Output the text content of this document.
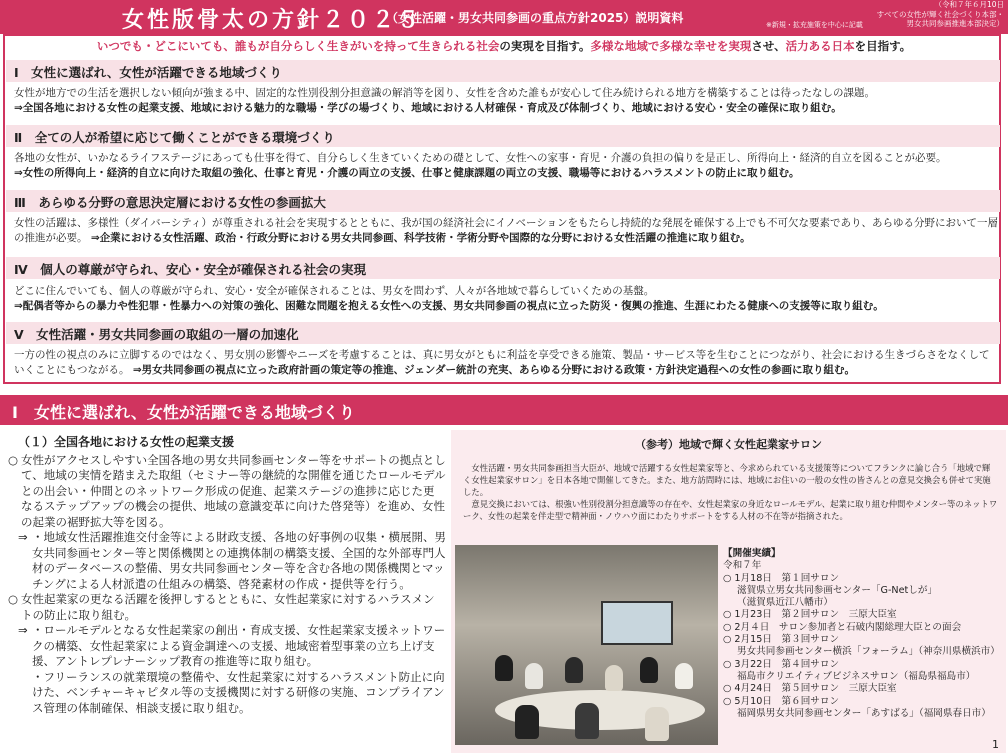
女性版骨太の方針２０２５
（女性活躍・男女共同参画の重点方針2025）説明資料	※新規・拡充施策を中心に記載
（令和７年６月10日
すべての女性が輝く社会づくり本部・
男女共同参画推進本部決定）
いつでも・どこにいても、誰もが自分らしく生きがいを持って生きられる社会の実現を目指す。多様な地域で多様な幸せを実現させ、活力ある日本を目指す。
Ⅰ　女性に選ばれ、女性が活躍できる地域づくり
女性が地方での生活を選択しない傾向が強まる中、固定的な性別役割分担意識の解消等を図り、女性を含めた誰もが安心して住み続けられる地方を構築することは待ったなしの課題。
⇒全国各地における女性の起業支援、地域における魅力的な職場・学びの場づくり、地域における人材確保・育成及び体制づくり、地域における安心・安全の確保に取り組む。
Ⅱ　全ての人が希望に応じて働くことができる環境づくり
各地の女性が、いかなるライフステージにあっても仕事を得て、自分らしく生きていくための礎として、女性への家事・育児・介護の負担の偏りを是正し、所得向上・経済的自立を図ることが必要。
⇒女性の所得向上・経済的自立に向けた取組の強化、仕事と育児・介護の両立の支援、仕事と健康課題の両立の支援、職場等におけるハラスメントの防止に取り組む。
Ⅲ　あらゆる分野の意思決定層における女性の参画拡大
女性の活躍は、多様性（ダイバーシティ）が尊重される社会を実現するとともに、我が国の経済社会にイノベーションをもたらし持続的な発展を確保する上でも不可欠な要素であり、あらゆる分野において一層の推進が必要。 ⇒企業における女性活躍、政治・行政分野における男女共同参画、科学技術・学術分野や国際的な分野における女性活躍の推進に取り組む。
Ⅳ　個人の尊厳が守られ、安心・安全が確保される社会の実現
どこに住んでいても、個人の尊厳が守られ、安心・安全が確保されることは、男女を問わず、人々が各地域で暮らしていくための基盤。
⇒配偶者等からの暴力や性犯罪・性暴力への対策の強化、困難な問題を抱える女性への支援、男女共同参画の視点に立った防災・復興の推進、生涯にわたる健康への支援等に取り組む。
Ⅴ　女性活躍・男女共同参画の取組の一層の加速化
一方の性の視点のみに立脚するのではなく、男女別の影響やニーズを考慮することは、真に男女がともに利益を享受できる施策、製品・サービス等を生むことにつながり、社会における生きづらさをなくしていくことにもつながる。 ⇒男女共同参画の視点に立った政府計画の策定等の推進、ジェンダー統計の充実、あらゆる分野における政策・方針決定過程への女性の参画に取り組む。
Ⅰ　女性に選ばれ、女性が活躍できる地域づくり
（１）全国各地における女性の起業支援
○ 女性がアクセスしやすい全国各地の男女共同参画センター等をサポートの拠点として、地域の実情を踏まえた取組（セミナー等の継続的な開催を通じたロールモデルとの出会い・仲間とのネットワーク形成の促進、起業ステージの進捗に応じた更なるステップアップの機会の提供、地域の意識変革に向けた啓発等）を進め、女性の起業の裾野拡大等を図る。
⇒ ・地域女性活躍推進交付金等による財政支援、各地の好事例の収集・横展開、男女共同参画センター等と関係機関との連携体制の構築支援、全国的な外部専門人材のデータベースの整備、男女共同参画センター等を含む各地の関係機関とマッチングによる人材派遣の仕組みの構築、啓発素材の作成・提供等を行う。
○ 女性起業家の更なる活躍を後押しするとともに、女性起業家に対するハラスメントの防止に取り組む。
⇒ ・ロールモデルとなる女性起業家の創出・育成支援、女性起業家支援ネットワークの構築、女性起業家による資金調達への支援、地域密着型事業の立ち上げ支援、アントレプレナーシップ教育の推進等に取り組む。
・フリーランスの就業環境の整備や、女性起業家に対するハラスメント防止に向けた、ベンチャーキャピタル等の支援機関に対する研修の実施、コンプライアンス管理の体制確保、相談支援に取り組む。
（参考）地域で輝く女性起業家サロン
女性活躍・男女共同参画担当大臣が、地域で活躍する女性起業家等と、今求められている支援策等についてフランクに論じ合う「地域で輝く女性起業家サロン」を日本各地で開催してきた。また、地方訪問時には、地域にお住いの一般の女性の皆さんとの意見交換会も併せて実施した。
意見交換においては、根強い性別役割分担意識等の存在や、女性起業家の身近なロールモデル、起業に取り組む仲間やメンター等のネットワーク、女性の起業を伴走型で精神面・ノウハウ面にわたりサポートをする人材の不在等が指摘された。
【開催実績】
令和７年
○ 1月18日　第１回サロン
滋賀県立男女共同参画センター「G-Netしが」
（滋賀県近江八幡市）
○ 1月23日　第２回サロン　三原大臣室
○ 2月４日　サロン参加者と石破内閣総理大臣との面会
○ 2月15日　第３回サロン
男女共同参画センター横浜「フォーラム」（神奈川県横浜市）
○ 3月22日　第４回サロン
福島市クリエイティブビジネスサロン（福島県福島市）
○ 4月24日　第５回サロン　三原大臣室
○ 5月10日　第６回サロン
福岡県男女共同参画センター「あすばる」（福岡県春日市）
1
